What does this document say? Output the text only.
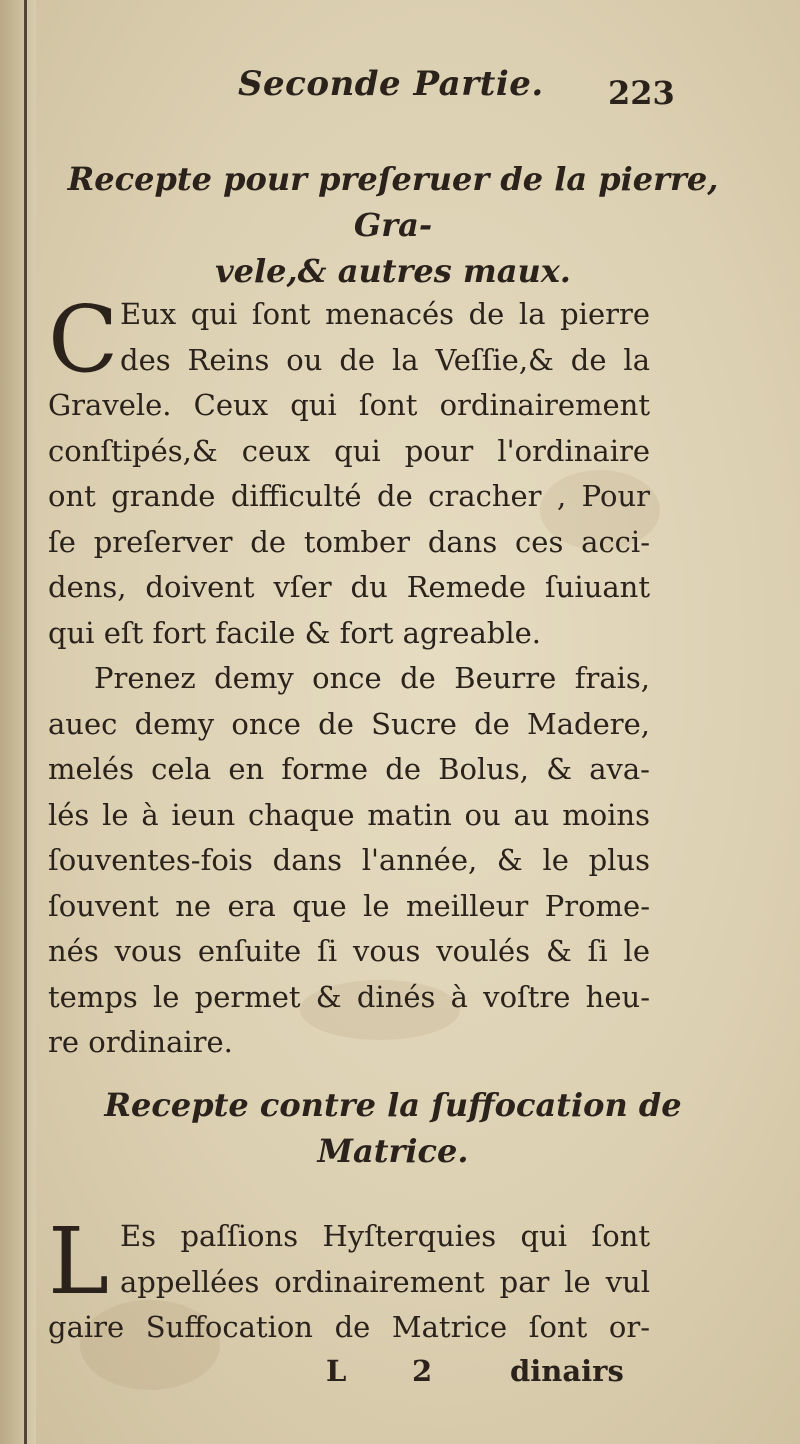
Seconde Partie. 223
Recepte pour preſeruer de la pierre, Gra-
vele,& autres maux.
C Eux qui ſont menacés de la pierre
des Reins ou de la Veſſie,& de la
Gravele. Ceux qui ſont ordinairement
conſtipés,& ceux qui pour l'ordinaire
ont grande difficulté de cracher , Pour
ſe preſerver de tomber dans ces acci-
dens, doivent vſer du Remede ſuiuant
qui eſt fort facile & fort agreable.
Prenez demy once de Beurre frais,
auec demy once de Sucre de Madere,
melés cela en forme de Bolus, & ava-
lés le à ieun chaque matin ou au moins
ſouventes-fois dans l'année, & le plus
ſouvent ne era que le meilleur Prome-
nés vous enſuite ſi vous voulés & ſi le
temps le permet & dinés à voſtre heu-
re ordinaire.
Recepte contre la ſuffocation de
Matrice.
L Es paſſions Hyſterquies qui ſont
appellées ordinairement par le vul
gaire Suffocation de Matrice ſont or-
L 2	dinairs
